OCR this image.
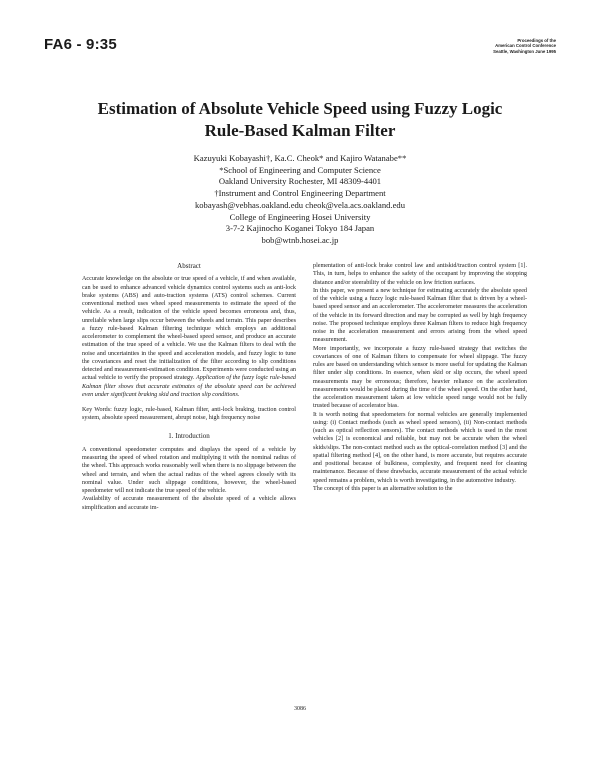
FA6 - 9:35	Proceedings of the
American Control Conference
Seattle, Washington June 1995
Estimation of Absolute Vehicle Speed using Fuzzy Logic
Rule-Based Kalman Filter
Kazuyuki Kobayashi†, Ka.C. Cheok* and Kajiro Watanabe**
*School of Engineering and Computer Science
Oakland University Rochester, MI 48309-4401
†Instrument and Control Engineering Department
kobayash@vebhas.oakland.edu cheok@vela.acs.oakland.edu
College of Engineering Hosei University
3-7-2 Kajinocho Koganei Tokyo 184 Japan
bob@wtnb.hosei.ac.jp
Abstract

Accurate knowledge on the absolute or true speed of a vehicle, if and when available, can be used to enhance advanced vehicle dynamics control systems such as anti-lock brake systems (ABS) and auto-traction systems (ATS) control schemes. Current conventional method uses wheel speed measurements to estimate the speed of the vehicle. As a result, indication of the vehicle speed becomes erroneous and, thus, unreliable when large slips occur between the wheels and terrain. This paper describes a fuzzy rule-based Kalman filtering technique which employs an additional accelerometer to complement the wheel-based speed sensor, and produce an accurate estimation of the true speed of a vehicle. We use the Kalman filters to deal with the noise and uncertainties in the speed and acceleration models, and fuzzy logic to tune the covariances and reset the initialization of the filter according to slip conditions detected and measurement-estimation condition. Experiments were conducted using an actual vehicle to verify the proposed strategy. Application of the fuzzy logic rule-based Kalman filter shows that accurate estimates of the absolute speed can be achieved even under significant braking skid and traction slip conditions.

Key Words: fuzzy logic, rule-based, Kalman filter, anti-lock braking, traction control system, absolute speed measurement, abrupt noise, high frequency noise

1. Introduction

A conventional speedometer computes and displays the speed of a vehicle by measuring the speed of wheel rotation and multiplying it with the nominal radius of the wheel. This approach works reasonably well when there is no slippage between the wheel and terrain, and when the actual radius of the wheel agrees closely with its nominal value. Under such slippage conditions, however, the wheel-based speedometer will not indicate the true speed of the vehicle.

Availability of accurate measurement of the absolute speed of a vehicle allows simplification and accurate im-

plementation of anti-lock brake control law and antiskid/traction control system [1]. This, in turn, helps to enhance the safety of the occupant by improving the stopping distance and/or steerability of the vehicle on low friction surfaces.

In this paper, we present a new technique for estimating accurately the absolute speed of the vehicle using a fuzzy logic rule-based Kalman filter that is driven by a wheel-based speed sensor and an accelerometer. The accelerometer measures the acceleration of the vehicle in its forward direction and may be corrupted as well by high frequency noise. The proposed technique employs three Kalman filters to reduce high frequency noise in the acceleration measurement and errors arising from the wheel speed measurement.

More importantly, we incorporate a fuzzy rule-based strategy that switches the covariances of one of Kalman filters to compensate for wheel slippage. The fuzzy rules are based on understanding which sensor is more useful for updating the Kalman filter under slip conditions. In essence, when skid or slip occurs, the wheel speed measurements may be erroneous; therefore, heavier reliance on the acceleration measurements would be placed during the time of the wheel speed. On the other hand, the acceleration measurement taken at low vehicle speed range would not be fully trusted because of accelerator bias.

It is worth noting that speedometers for normal vehicles are generally implemented using: (i) Contact methods (such as wheel speed sensors), (ii) Non-contact methods (such as optical reflection sensors). The contact methods which is used in the most vehicles [2] is economical and reliable, but may not be accurate when the wheel skids/slips. The non-contact method such as the optical-correlation method [3] and the spatial filtering method [4], on the other hand, is more accurate, but requires accurate and positional because of bulkiness, complexity, and frequent need for cleaning maintenance. Because of these drawbacks, accurate measurement of the actual vehicle speed remains a problem, which is worth investigating, in the automotive industry.

The concept of this paper is an alternative solution to the

3086
